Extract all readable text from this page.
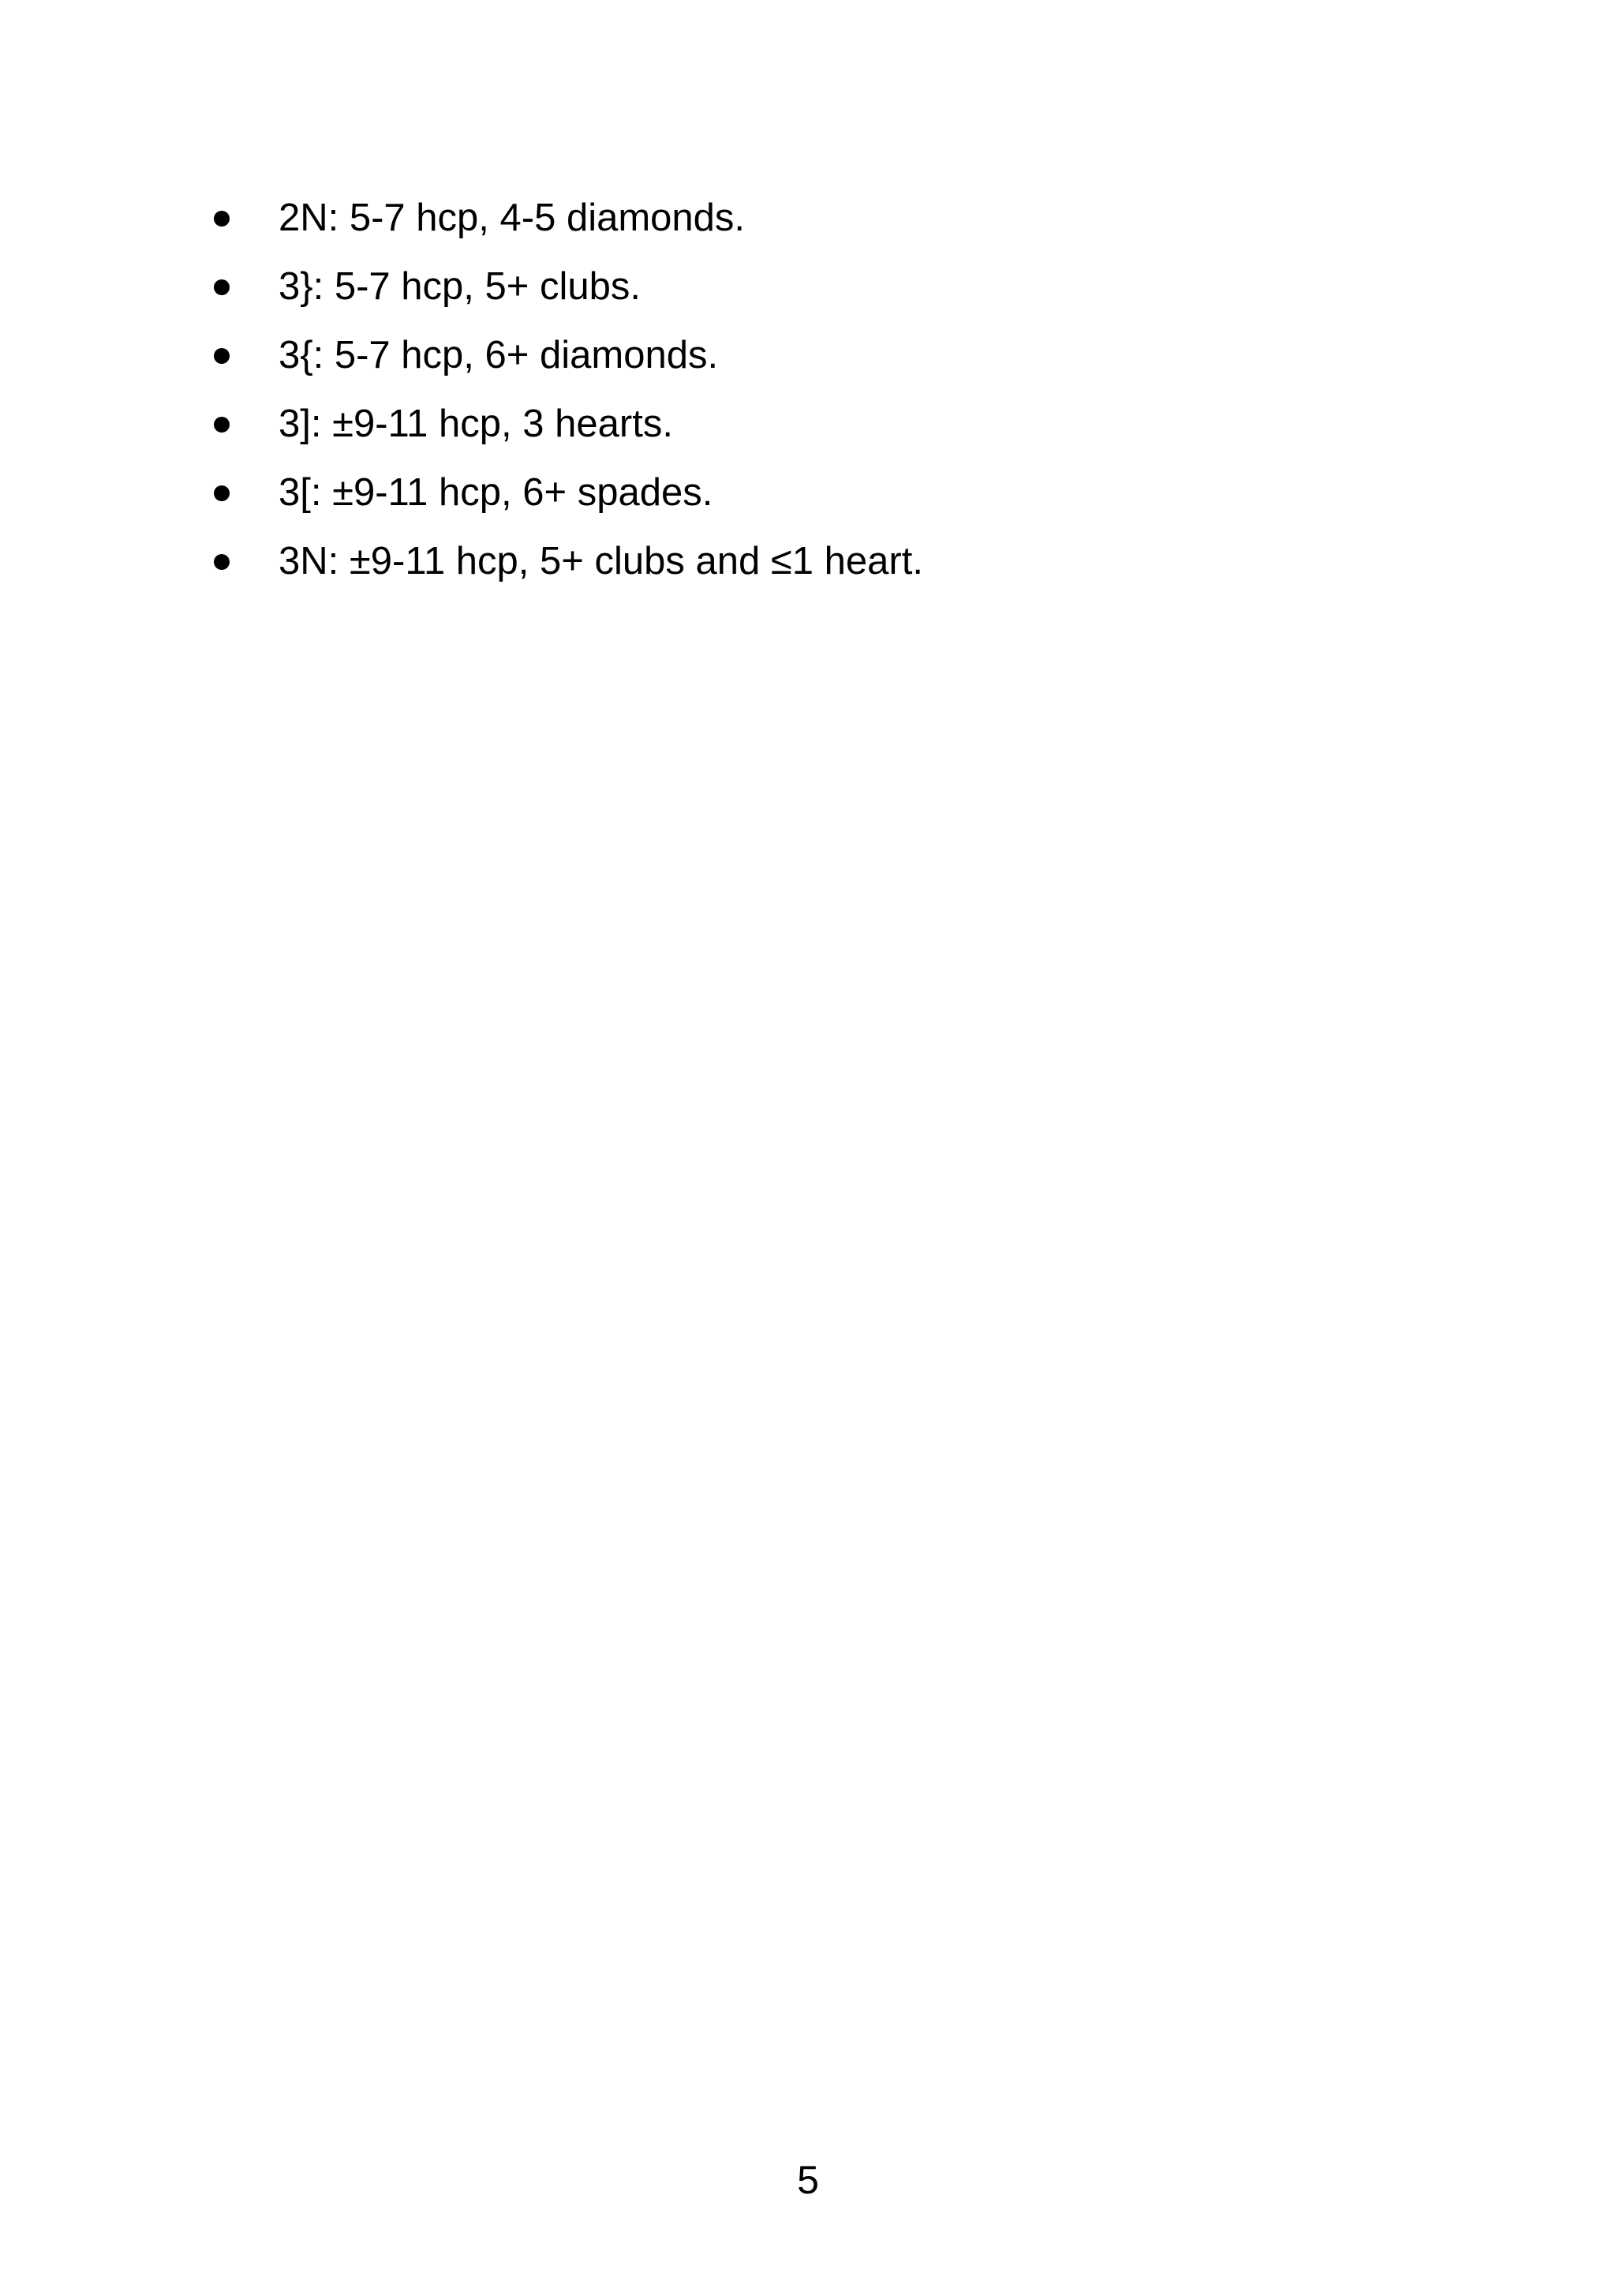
2N: 5-7 hcp, 4-5 diamonds.
3}: 5-7 hcp, 5+ clubs.
3{: 5-7 hcp, 6+ diamonds.
3]: ±9-11 hcp, 3 hearts.
3[: ±9-11 hcp, 6+ spades.
3N: ±9-11 hcp, 5+ clubs and ≤1 heart.
5
